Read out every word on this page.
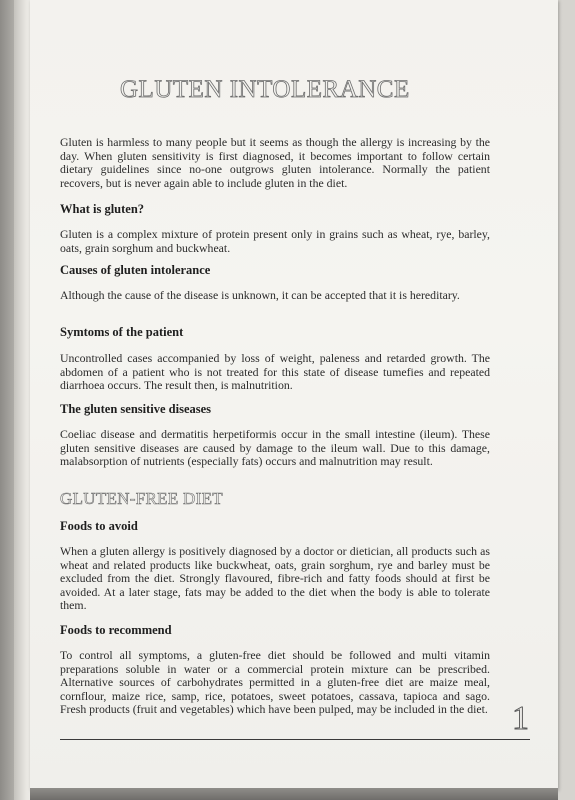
GLUTEN INTOLERANCE

Gluten is harmless to many people but it seems as though the allergy is increasing by the day. When gluten sensitivity is first diagnosed, it becomes important to follow certain dietary guidelines since no-one outgrows gluten intolerance. Normally the patient recovers, but is never again able to include gluten in the diet.

What is gluten?

Gluten is a complex mixture of protein present only in grains such as wheat, rye, barley, oats, grain sorghum and buckwheat.

Causes of gluten intolerance

Although the cause of the disease is unknown, it can be accepted that it is hereditary.

Symtoms of the patient

Uncontrolled cases accompanied by loss of weight, paleness and retarded growth. The abdomen of a patient who is not treated for this state of disease tumefies and repeated diarrhoea occurs. The result then, is malnutrition.

The gluten sensitive diseases

Coeliac disease and dermatitis herpetiformis occur in the small intestine (ileum). These gluten sensitive diseases are caused by damage to the ileum wall. Due to this damage, malabsorption of nutrients (especially fats) occurs and malnutrition may result.

GLUTEN-FREE DIET

Foods to avoid

When a gluten allergy is positively diagnosed by a doctor or dietician, all products such as wheat and related products like buckwheat, oats, grain sorghum, rye and barley must be excluded from the diet. Strongly flavoured, fibre-rich and fatty foods should at first be avoided. At a later stage, fats may be added to the diet when the body is able to tolerate them.

Foods to recommend

To control all symptoms, a gluten-free diet should be followed and multi vitamin preparations soluble in water or a commercial protein mixture can be prescribed. Alternative sources of carbohydrates permitted in a gluten-free diet are maize meal, cornflour, maize rice, samp, rice, potatoes, sweet potatoes, cassava, tapioca and sago. Fresh products (fruit and vegetables) which have been pulped, may be included in the diet. 1
